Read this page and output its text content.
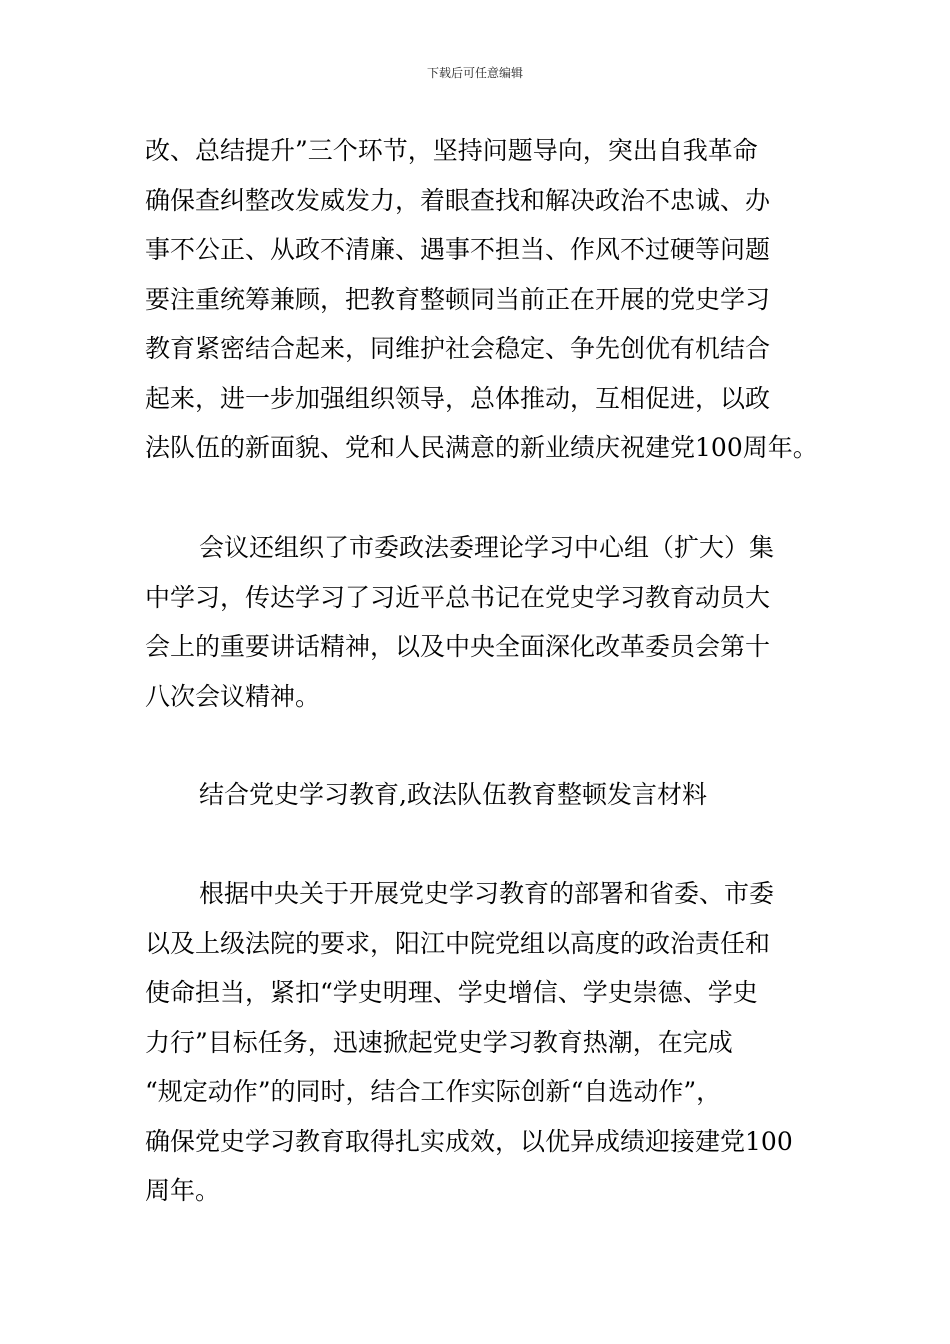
下载后可任意编辑
改、总结提升”三个环节，坚持问题导向，突出自我革命
确保查纠整改发威发力，着眼查找和解决政治不忠诚、办
事不公正、从政不清廉、遇事不担当、作风不过硬等问题
要注重统筹兼顾，把教育整顿同当前正在开展的党史学习
教育紧密结合起来，同维护社会稳定、争先创优有机结合
起来，进一步加强组织领导，总体推动，互相促进，以政
法队伍的新面貌、党和人民满意的新业绩庆祝建党100周年。
会议还组织了市委政法委理论学习中心组（扩大）集
中学习，传达学习了习近平总书记在党史学习教育动员大
会上的重要讲话精神，以及中央全面深化改革委员会第十
八次会议精神。
结合党史学习教育,政法队伍教育整顿发言材料
根据中央关于开展党史学习教育的部署和省委、市委
以及上级法院的要求，阳江中院党组以高度的政治责任和
使命担当，紧扣“学史明理、学史增信、学史崇德、学史
力行”目标任务，迅速掀起党史学习教育热潮，在完成
“规定动作”的同时，结合工作实际创新“自选动作”，
确保党史学习教育取得扎实成效，以优异成绩迎接建党100
周年。
